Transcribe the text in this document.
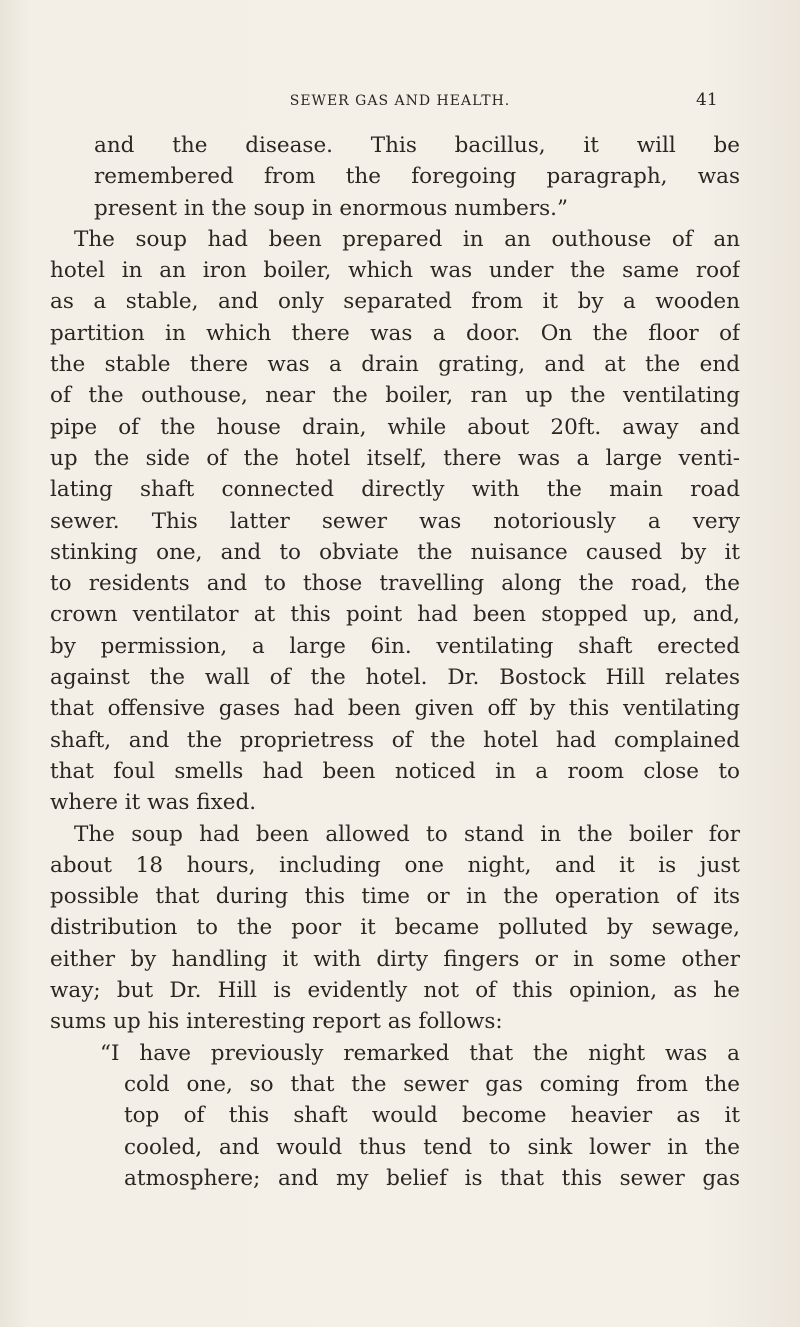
SEWER GAS AND HEALTH.	41
and the disease. This bacillus, it will be
remembered from the foregoing paragraph, was
present in the soup in enormous numbers.”
The soup had been prepared in an outhouse of an
hotel in an iron boiler, which was under the same roof
as a stable, and only separated from it by a wooden
partition in which there was a door. On the floor of
the stable there was a drain grating, and at the end
of the outhouse, near the boiler, ran up the ventilating
pipe of the house drain, while about 20ft. away and
up the side of the hotel itself, there was a large venti-
lating shaft connected directly with the main road
sewer. This latter sewer was notoriously a very
stinking one, and to obviate the nuisance caused by it
to residents and to those travelling along the road, the
crown ventilator at this point had been stopped up, and,
by permission, a large 6in. ventilating shaft erected
against the wall of the hotel. Dr. Bostock Hill relates
that offensive gases had been given off by this ventilating
shaft, and the proprietress of the hotel had complained
that foul smells had been noticed in a room close to
where it was fixed.
The soup had been allowed to stand in the boiler for
about 18 hours, including one night, and it is just
possible that during this time or in the operation of its
distribution to the poor it became polluted by sewage,
either by handling it with dirty fingers or in some other
way; but Dr. Hill is evidently not of this opinion, as he
sums up his interesting report as follows:
“I have previously remarked that the night was a
cold one, so that the sewer gas coming from the
top of this shaft would become heavier as it
cooled, and would thus tend to sink lower in the
atmosphere; and my belief is that this sewer gas
